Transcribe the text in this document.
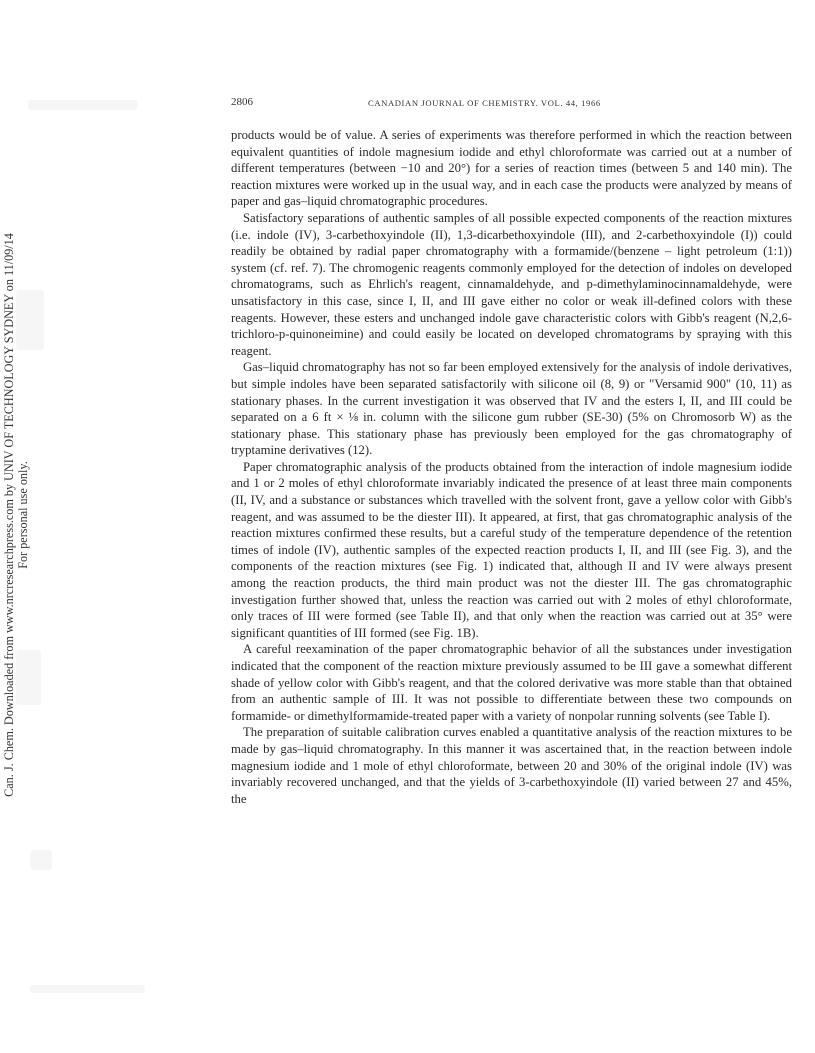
Can. J. Chem. Downloaded from www.nrcresearchpress.com by UNIV OF TECHNOLOGY SYDNEY on 11/09/14 For personal use only.
2806	CANADIAN JOURNAL OF CHEMISTRY. VOL. 44, 1966

products would be of value. A series of experiments was therefore performed in which the reaction between equivalent quantities of indole magnesium iodide and ethyl chloroformate was carried out at a number of different temperatures (between −10 and 20°) for a series of reaction times (between 5 and 140 min). The reaction mixtures were worked up in the usual way, and in each case the products were analyzed by means of paper and gas–liquid chromatographic procedures.

Satisfactory separations of authentic samples of all possible expected components of the reaction mixtures (i.e. indole (IV), 3-carbethoxyindole (II), 1,3-dicarbethoxyindole (III), and 2-carbethoxyindole (I)) could readily be obtained by radial paper chromatography with a formamide/(benzene – light petroleum (1:1)) system (cf. ref. 7). The chromogenic reagents commonly employed for the detection of indoles on developed chromatograms, such as Ehrlich's reagent, cinnamaldehyde, and p-dimethylaminocinnamaldehyde, were unsatisfactory in this case, since I, II, and III gave either no color or weak ill-defined colors with these reagents. However, these esters and unchanged indole gave characteristic colors with Gibb's reagent (N,2,6-trichloro-p-quinoneimine) and could easily be located on developed chromatograms by spraying with this reagent.

Gas–liquid chromatography has not so far been employed extensively for the analysis of indole derivatives, but simple indoles have been separated satisfactorily with silicone oil (8, 9) or "Versamid 900" (10, 11) as stationary phases. In the current investigation it was observed that IV and the esters I, II, and III could be separated on a 6 ft × ⅛ in. column with the silicone gum rubber (SE-30) (5% on Chromosorb W) as the stationary phase. This stationary phase has previously been employed for the gas chromatography of tryptamine derivatives (12).

Paper chromatographic analysis of the products obtained from the interaction of indole magnesium iodide and 1 or 2 moles of ethyl chloroformate invariably indicated the presence of at least three main components (II, IV, and a substance or substances which travelled with the solvent front, gave a yellow color with Gibb's reagent, and was assumed to be the diester III). It appeared, at first, that gas chromatographic analysis of the reaction mixtures confirmed these results, but a careful study of the temperature dependence of the retention times of indole (IV), authentic samples of the expected reaction products I, II, and III (see Fig. 3), and the components of the reaction mixtures (see Fig. 1) indicated that, although II and IV were always present among the reaction products, the third main product was not the diester III. The gas chromatographic investigation further showed that, unless the reaction was carried out with 2 moles of ethyl chloroformate, only traces of III were formed (see Table II), and that only when the reaction was carried out at 35° were significant quantities of III formed (see Fig. 1B).

A careful reexamination of the paper chromatographic behavior of all the substances under investigation indicated that the component of the reaction mixture previously assumed to be III gave a somewhat different shade of yellow color with Gibb's reagent, and that the colored derivative was more stable than that obtained from an authentic sample of III. It was not possible to differentiate between these two compounds on formamide- or dimethylformamide-treated paper with a variety of nonpolar running solvents (see Table I).

The preparation of suitable calibration curves enabled a quantitative analysis of the reaction mixtures to be made by gas–liquid chromatography. In this manner it was ascertained that, in the reaction between indole magnesium iodide and 1 mole of ethyl chloroformate, between 20 and 30% of the original indole (IV) was invariably recovered unchanged, and that the yields of 3-carbethoxyindole (II) varied between 27 and 45%, the
